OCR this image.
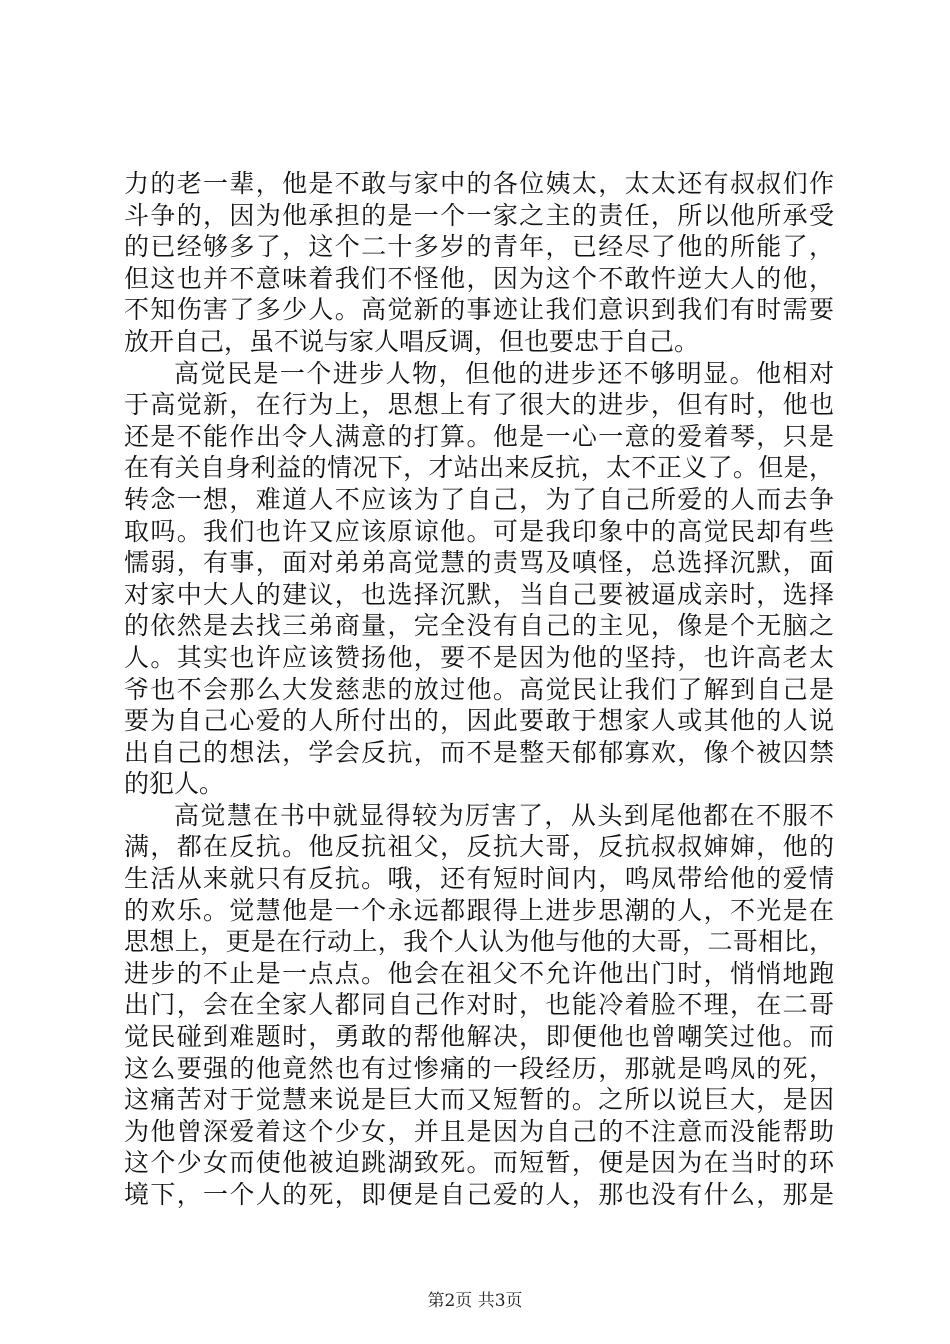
力的老一辈，他是不敢与家中的各位姨太，太太还有叔叔们作
斗争的，因为他承担的是一个一家之主的责任，所以他所承受
的已经够多了，这个二十多岁的青年，已经尽了他的所能了，
但这也并不意味着我们不怪他，因为这个不敢忤逆大人的他，
不知伤害了多少人。高觉新的事迹让我们意识到我们有时需要
放开自己，虽不说与家人唱反调，但也要忠于自己。
高觉民是一个进步人物，但他的进步还不够明显。他相对
于高觉新，在行为上，思想上有了很大的进步，但有时，他也
还是不能作出令人满意的打算。他是一心一意的爱着琴，只是
在有关自身利益的情况下，才站出来反抗，太不正义了。但是，
转念一想，难道人不应该为了自己，为了自己所爱的人而去争
取吗。我们也许又应该原谅他。可是我印象中的高觉民却有些
懦弱，有事，面对弟弟高觉慧的责骂及嗔怪，总选择沉默，面
对家中大人的建议，也选择沉默，当自己要被逼成亲时，选择
的依然是去找三弟商量，完全没有自己的主见，像是个无脑之
人。其实也许应该赞扬他，要不是因为他的坚持，也许高老太
爷也不会那么大发慈悲的放过他。高觉民让我们了解到自己是
要为自己心爱的人所付出的，因此要敢于想家人或其他的人说
出自己的想法，学会反抗，而不是整天郁郁寡欢，像个被囚禁
的犯人。
高觉慧在书中就显得较为厉害了，从头到尾他都在不服不
满，都在反抗。他反抗祖父，反抗大哥，反抗叔叔婶婶，他的
生活从来就只有反抗。哦，还有短时间内，鸣凤带给他的爱情
的欢乐。觉慧他是一个永远都跟得上进步思潮的人，不光是在
思想上，更是在行动上，我个人认为他与他的大哥，二哥相比，
进步的不止是一点点。他会在祖父不允许他出门时，悄悄地跑
出门，会在全家人都同自己作对时，也能冷着脸不理，在二哥
觉民碰到难题时，勇敢的帮他解决，即便他也曾嘲笑过他。而
这么要强的他竟然也有过惨痛的一段经历，那就是鸣凤的死，
这痛苦对于觉慧来说是巨大而又短暂的。之所以说巨大，是因
为他曾深爱着这个少女，并且是因为自己的不注意而没能帮助
这个少女而使他被迫跳湖致死。而短暂，便是因为在当时的环
境下，一个人的死，即便是自己爱的人，那也没有什么，那是
第2页 共3页
